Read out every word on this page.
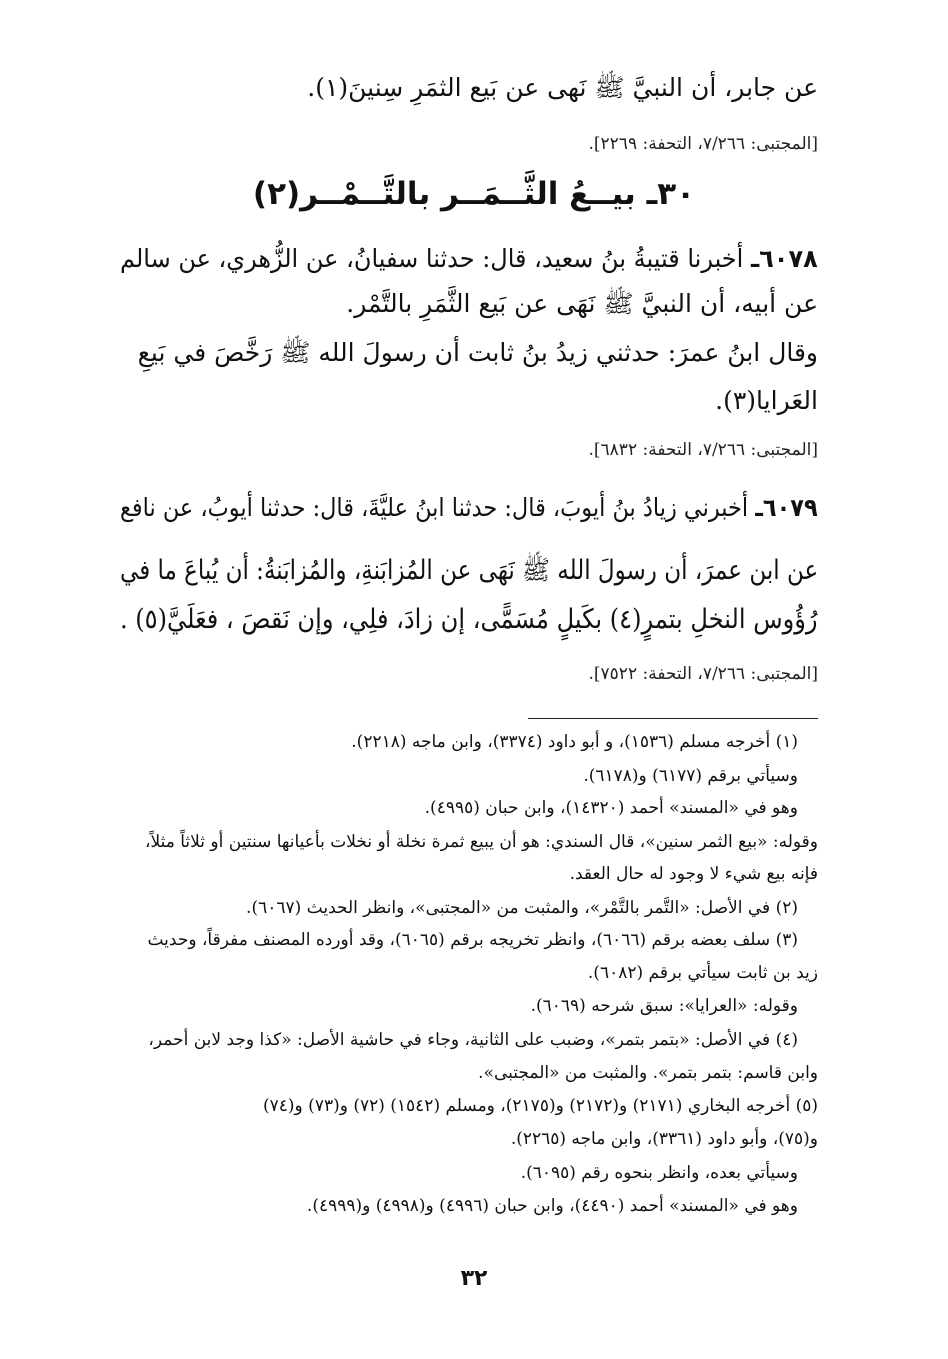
عن جابر، أن النبيَّ ﷺ نَهى عن بَيع الثمَرِ سِنينَ(١).
[المجتبى: ٧/٢٦٦، التحفة: ٢٢٦٩].
٣٠ـ بيــعُ الثَّــمَــر بالتَّــمْــر(٢)
٦٠٧٨ـ أخبرنا قتيبةُ بنُ سعيد، قال: حدثنا سفيانُ، عن الزُّهري، عن سالم
عن أبيه، أن النبيَّ ﷺ نَهَى عن بَيع الثَّمَرِ بالتَّمْر.
وقال ابنُ عمرَ: حدثني زيدُ بنُ ثابت أن رسولَ الله ﷺ رَخَّصَ في بَيعِ
العَرايا(٣).
[المجتبى: ٧/٢٦٦، التحفة: ٦٨٣٢].
٦٠٧٩ـ أخبرني زيادُ بنُ أيوبَ، قال: حدثنا ابنُ عليَّةَ، قال: حدثنا أيوبُ، عن نافع
عن ابن عمرَ، أن رسولَ الله ﷺ نَهَى عن المُزابَنةِ، والمُزابَنةُ: أن يُباعَ ما في
رُؤُوس النخلِ بتمرٍ(٤) بكَيلٍ مُسَمًّى، إن زادَ، فلِي، وإن نَقصَ ، فعَلَيَّ(٥) .
[المجتبى: ٧/٢٦٦، التحفة: ٧٥٢٢].
(١) أخرجه مسلم (١٥٣٦)، و أبو داود (٣٣٧٤)، وابن ماجه (٢٢١٨).
وسيأتي برقم (٦١٧٧) و(٦١٧٨).
وهو في «المسند» أحمد (١٤٣٢٠)، وابن حبان (٤٩٩٥).
وقوله: «بيع الثمر سنين»، قال السندي: هو أن يبيع ثمرة نخلة أو نخلات بأعيانها سنتين أو ثلاثاً مثلاً،
فإنه بيع شيء لا وجود له حال العقد.
(٢) في الأصل: «التَّمر بالتَّمْر»، والمثبت من «المجتبى»، وانظر الحديث (٦٠٦٧).
(٣) سلف بعضه برقم (٦٠٦٦)، وانظر تخريجه برقم (٦٠٦٥)، وقد أورده المصنف مفرقاً، وحديث
زيد بن ثابت سيأتي برقم (٦٠٨٢).
وقوله: «العرايا»: سبق شرحه (٦٠٦٩).
(٤) في الأصل: «بتمر بتمر»، وضبب على الثانية، وجاء في حاشية الأصل: «كذا وجد لابن أحمر،
وابن قاسم: بتمر بتمر». والمثبت من «المجتبى».
(٥) أخرجه البخاري (٢١٧١) و(٢١٧٢) و(٢١٧٥)، ومسلم (١٥٤٢) (٧٢) و(٧٣) و(٧٤)
و(٧٥)، وأبو داود (٣٣٦١)، وابن ماجه (٢٢٦٥).
وسيأتي بعده، وانظر بنحوه رقم (٦٠٩٥).
وهو في «المسند» أحمد (٤٤٩٠)، وابن حبان (٤٩٩٦) و(٤٩٩٨) و(٤٩٩٩).
٣٢
